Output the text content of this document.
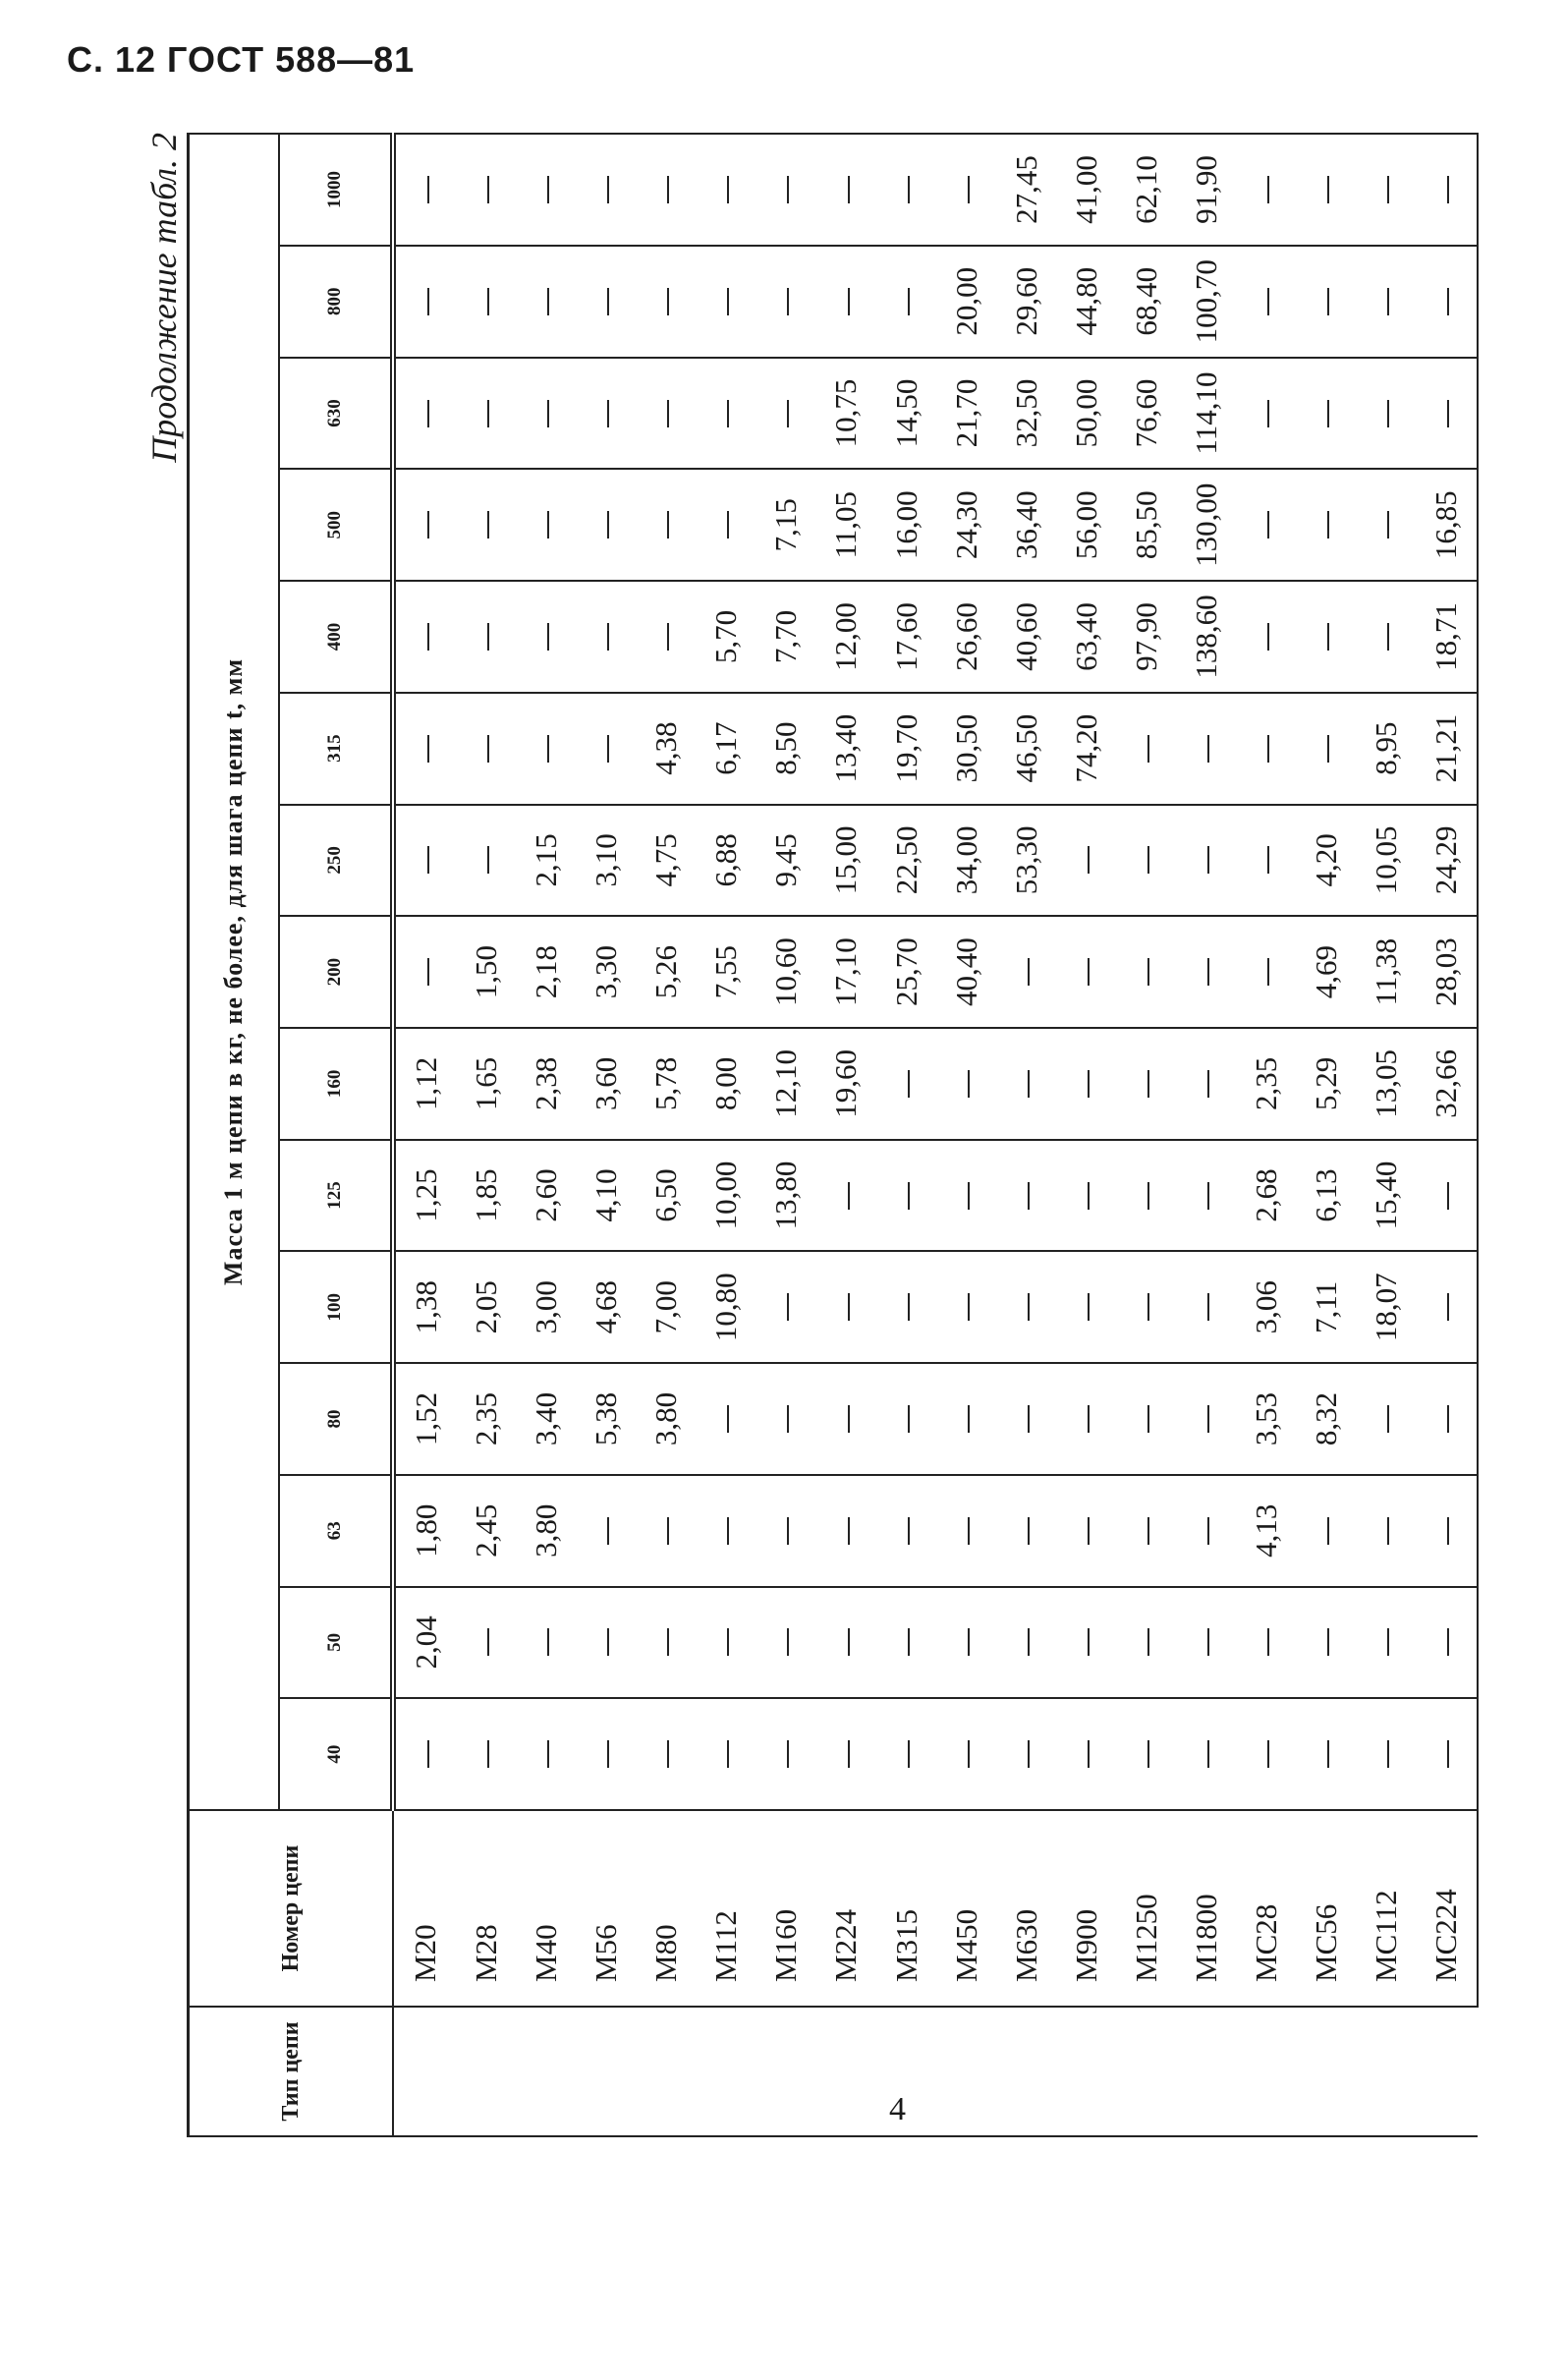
С. 12 ГОСТ 588—81
Продолжение табл. 2
Тип цепи	Номер цепи	Масса 1 м цепи в кг, не более, для шага цепи t, мм														
		40	50	63	80	100	125	160	200	250	315	400	500	630	800	1000
	М20		2,04	1,80	1,52	1,38	1,25	1,12								
	М28			2,45	2,35	2,05	1,85	1,65	1,50							
	М40			3,80	3,40	3,00	2,60	2,38	2,18	2,15						
	М56				5,38	4,68	4,10	3,60	3,30	3,10						
	М80				3,80	7,00	6,50	5,78	5,26	4,75	4,38					
	М112					10,80	10,00	8,00	7,55	6,88	6,17	5,70				
	М160						13,80	12,10	10,60	9,45	8,50	7,70	7,15			
	М224							19,60	17,10	15,00	13,40	12,00	11,05	10,75		
	М315								25,70	22,50	19,70	17,60	16,00	14,50		
	М450								40,40	34,00	30,50	26,60	24,30	21,70	20,00	
	М630									53,30	46,50	40,60	36,40	32,50	29,60	27,45
	М900										74,20	63,40	56,00	50,00	44,80	41,00
	М1250											97,90	85,50	76,60	68,40	62,10
	М1800											138,60	130,00	114,10	100,70	91,90
	МС28			4,13	3,53	3,06	2,68	2,35								
	МС56				8,32	7,11	6,13	5,29	4,69	4,20						
	МС112					18,07	15,40	13,05	11,38	10,05	8,95					
	МС224							32,66	28,03	24,29	21,21	18,71	16,85			
4
